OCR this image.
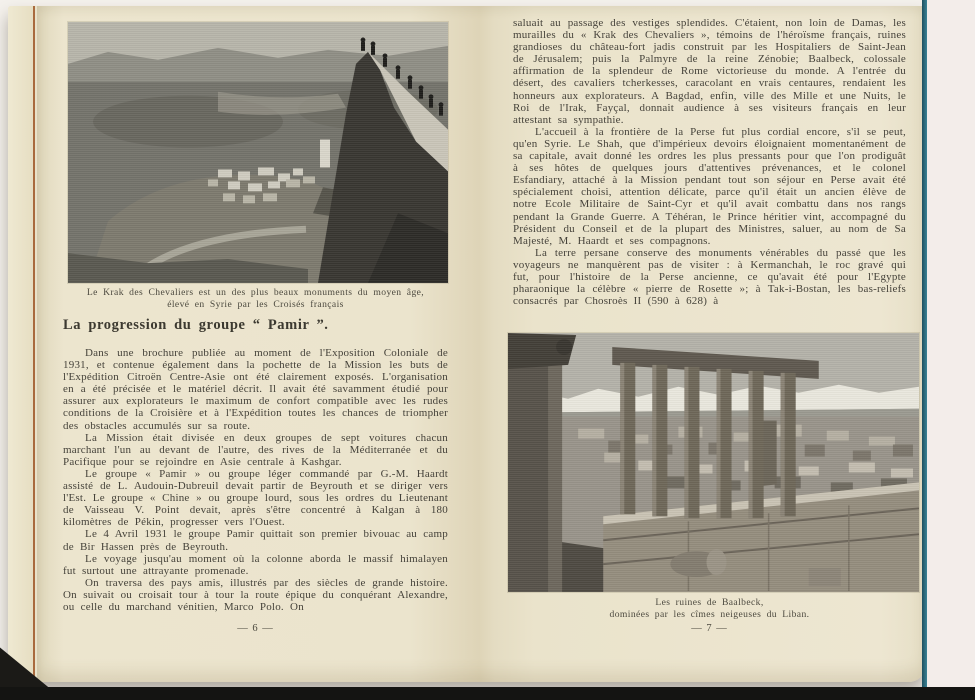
Le Krak des Chevaliers est un des plus beaux monuments du moyen âge,
élevé en Syrie par les Croisés français
La progression du groupe “ Pamir ”.

Dans une brochure publiée au moment de l'Exposition Coloniale de 1931, et contenue également dans la pochette de la Mission les buts de l'Expédition Citroën Centre-Asie ont été clairement exposés. L'organisation en a été précisée et le matériel décrit. Il avait été savamment étudié pour assurer aux explorateurs le maximum de confort compatible avec les rudes conditions de la Croisière et à l'Expédition toutes les chances de triompher des obstacles accumulés sur sa route.

La Mission était divisée en deux groupes de sept voitures chacun marchant l'un au devant de l'autre, des rives de la Méditerranée et du Pacifique pour se rejoindre en Asie centrale à Kashgar.

Le groupe « Pamir » ou groupe léger commandé par G.-M. Haardt assisté de L. Audouin-Dubreuil devait partir de Beyrouth et se diriger vers l'Est. Le groupe « Chine » ou groupe lourd, sous les ordres du Lieutenant de Vaisseau V. Point devait, après s'être concentré à Kalgan à 180 kilomètres de Pékin, progresser vers l'Ouest.

Le 4 Avril 1931 le groupe Pamir quittait son premier bivouac au camp de Bir Hassen près de Beyrouth.

Le voyage jusqu'au moment où la colonne aborda le massif himalayen fut surtout une attrayante promenade.

On traversa des pays amis, illustrés par des siècles de grande histoire. On suivait ou croisait tour à tour la route épique du conquérant Alexandre, ou celle du marchand vénitien, Marco Polo. On

— 6 —

saluait au passage des vestiges splendides. C'étaient, non loin de Damas, les murailles du « Krak des Chevaliers », témoins de l'héroïsme français, ruines grandioses du château-fort jadis construit par les Hospitaliers de Saint-Jean de Jérusalem; puis la Palmyre de la reine Zénobie; Baalbeck, colossale affirmation de la splendeur de Rome victorieuse du monde. A l'entrée du désert, des cavaliers tcherkesses, caracolant en vrais centaures, rendaient les honneurs aux explorateurs. A Bagdad, enfin, ville des Mille et une Nuits, le Roi de l'Irak, Fayçal, donnait audience à ses visiteurs français en leur attestant sa sympathie.

L'accueil à la frontière de la Perse fut plus cordial encore, s'il se peut, qu'en Syrie. Le Shah, que d'impérieux devoirs éloignaient momentanément de sa capitale, avait donné les ordres les plus pressants pour que l'on prodiguât à ses hôtes de quelques jours d'attentives prévenances, et le colonel Esfandiary, attaché à la Mission pendant tout son séjour en Perse avait été spécialement choisi, attention délicate, parce qu'il était un ancien élève de notre Ecole Militaire de Saint-Cyr et qu'il avait combattu dans nos rangs pendant la Grande Guerre. A Téhéran, le Prince héritier vint, accompagné du Président du Conseil et de la plupart des Ministres, saluer, au nom de Sa Majesté, M. Haardt et ses compagnons.

La terre persane conserve des monuments vénérables du passé que les voyageurs ne manquèrent pas de visiter : à Kermanchah, le roc gravé qui fut, pour l'histoire de la Perse ancienne, ce qu'avait été pour l'Egypte pharaonique la célèbre « pierre de Rosette »; à Tak-i-Bostan, les bas-reliefs consacrés par Chosroès II (590 à 628) à

Les ruines de Baalbeck,
dominées par les cîmes neigeuses du Liban.
— 7 —
